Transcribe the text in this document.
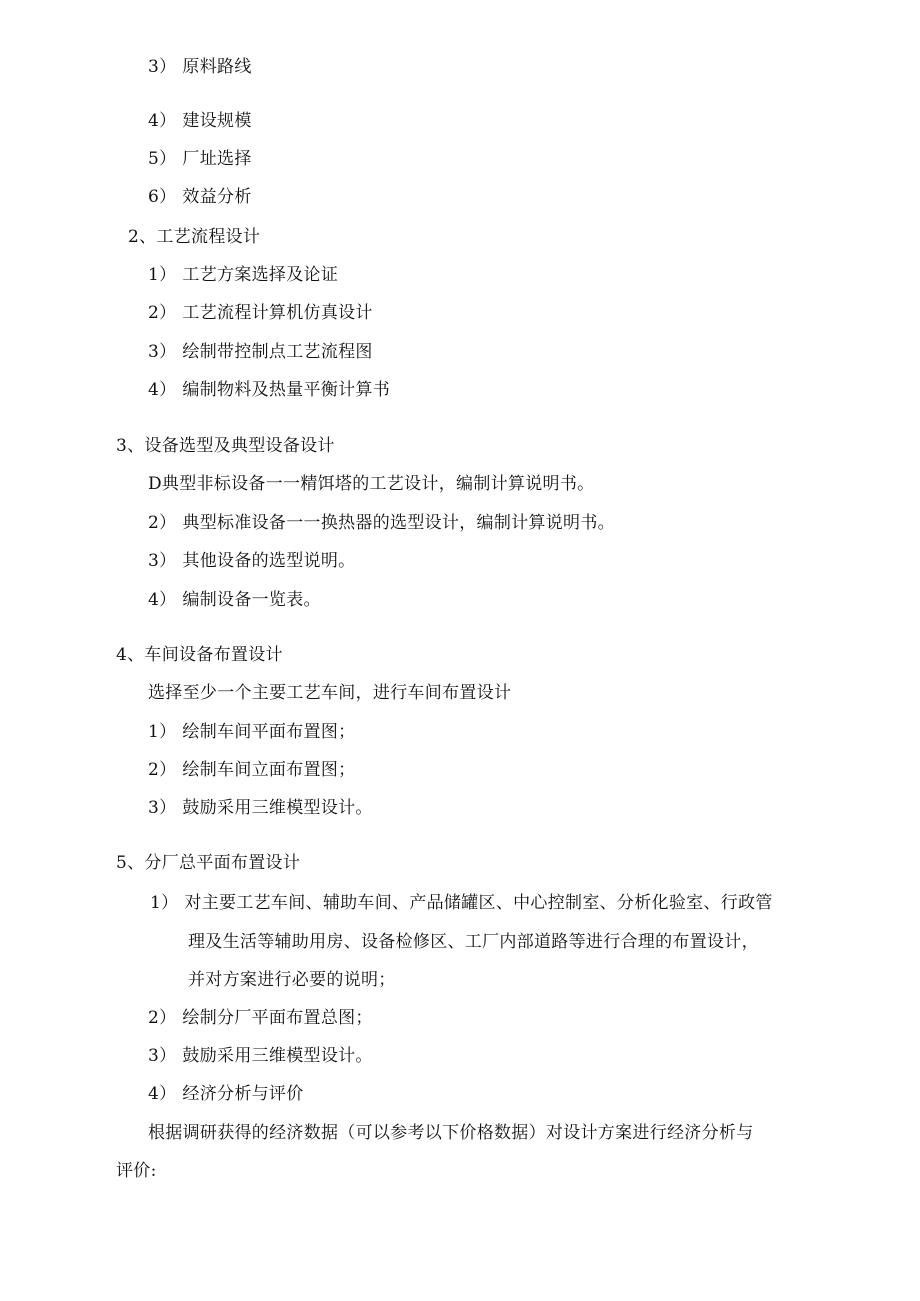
3） 原料路线
4） 建设规模
5） 厂址选择
6） 效益分析
2、工艺流程设计
1） 工艺方案选择及论证
2） 工艺流程计算机仿真设计
3） 绘制带控制点工艺流程图
4） 编制物料及热量平衡计算书
3、设备选型及典型设备设计
D典型非标设备一一精饵塔的工艺设计，编制计算说明书。
2） 典型标准设备一一换热器的选型设计，编制计算说明书。
3） 其他设备的选型说明。
4） 编制设备一览表。
4、车间设备布置设计
选择至少一个主要工艺车间，进行车间布置设计
1） 绘制车间平面布置图；
2） 绘制车间立面布置图；
3） 鼓励采用三维模型设计。
5、分厂总平面布置设计
1） 对主要工艺车间、辅助车间、产品储罐区、中心控制室、分析化验室、行政管
理及生活等辅助用房、设备检修区、工厂内部道路等进行合理的布置设计，
并对方案进行必要的说明；
2） 绘制分厂平面布置总图；
3） 鼓励采用三维模型设计。
4） 经济分析与评价
根据调研获得的经济数据（可以参考以下价格数据）对设计方案进行经济分析与
评价:
